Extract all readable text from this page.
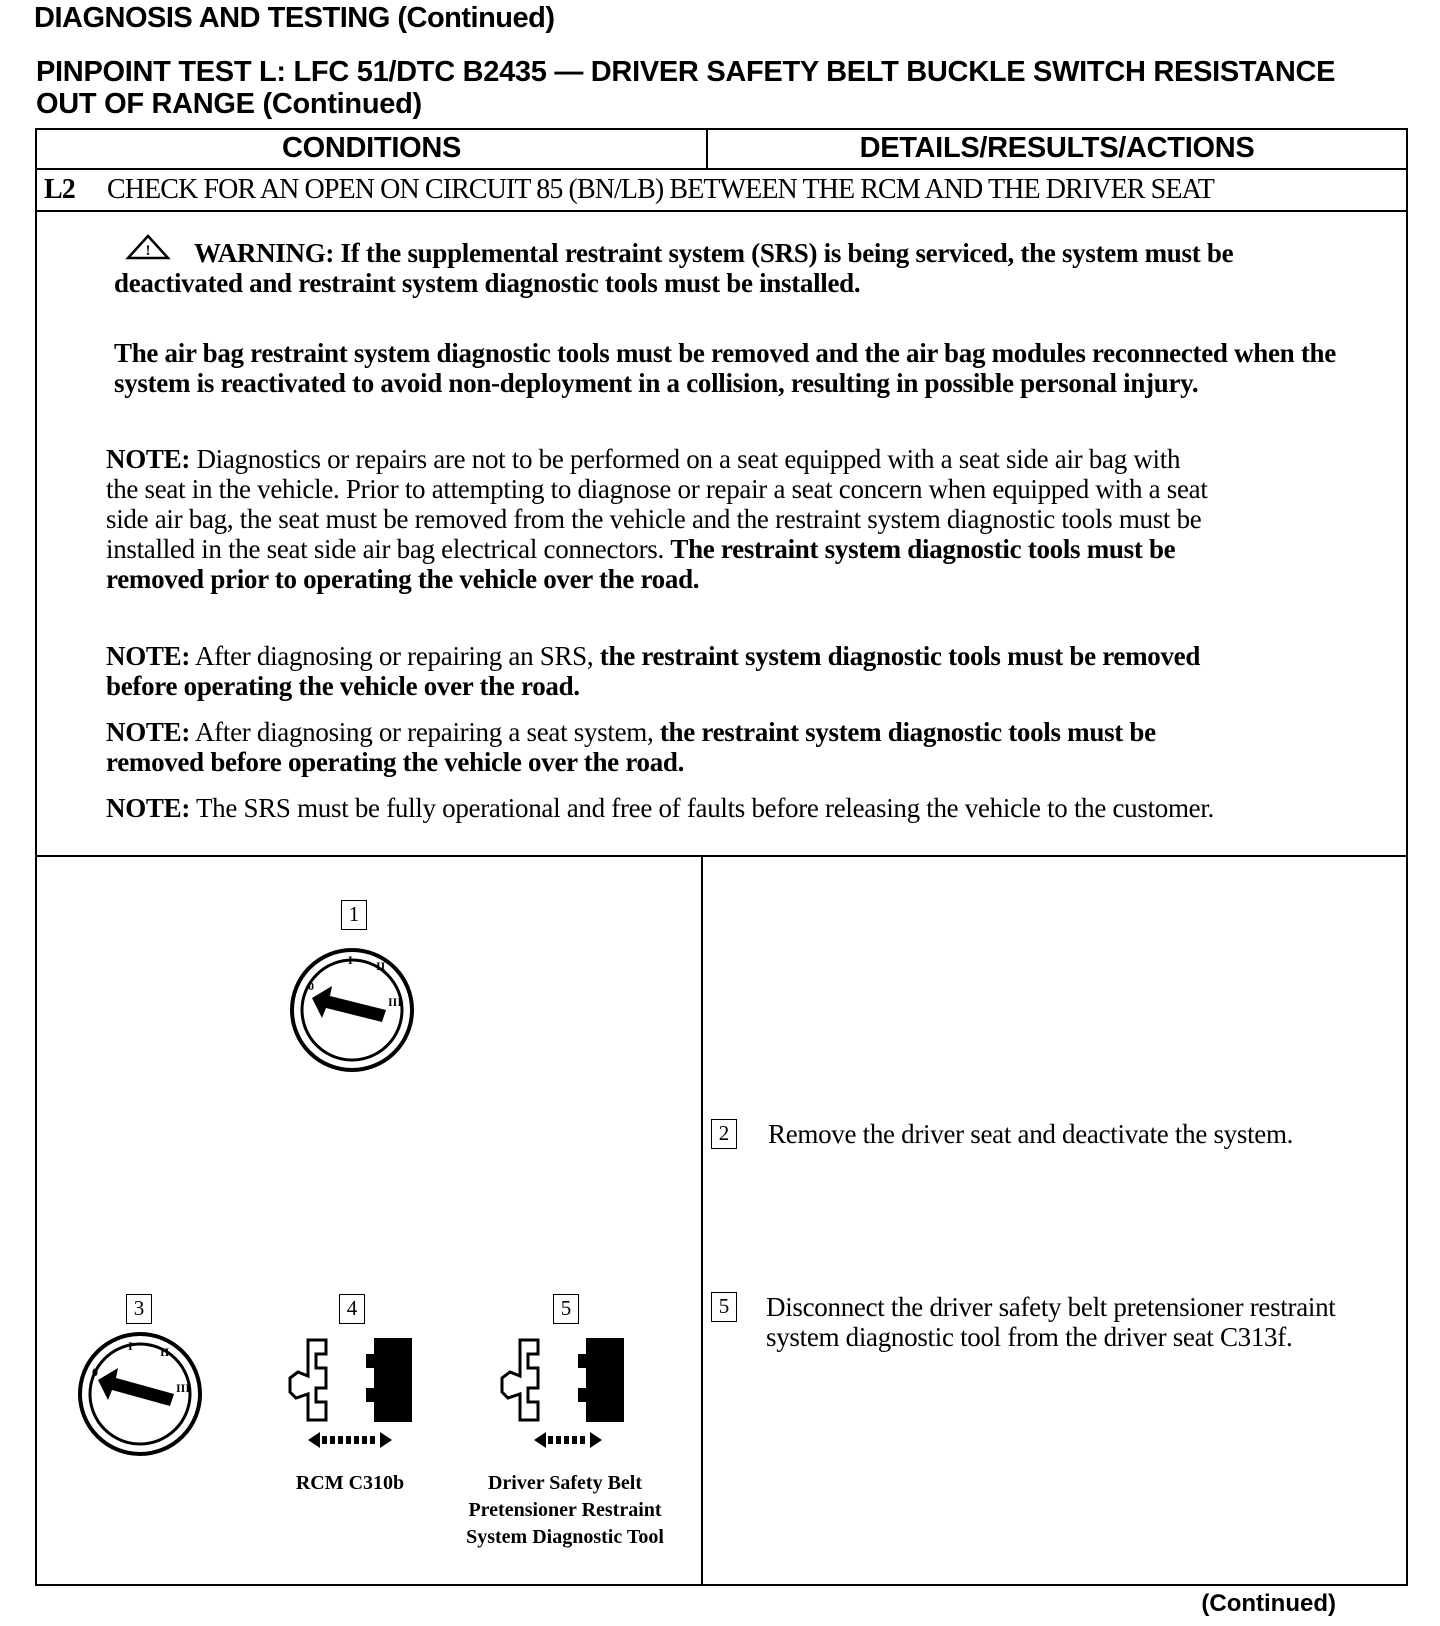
DIAGNOSIS AND TESTING (Continued)
PINPOINT TEST L: LFC 51/DTC B2435 — DRIVER SAFETY BELT BUCKLE SWITCH RESISTANCE OUT OF RANGE (Continued)
CONDITIONS	DETAILS/RESULTS/ACTIONS
L2 CHECK FOR AN OPEN ON CIRCUIT 85 (BN/LB) BETWEEN THE RCM AND THE DRIVER SEAT
!	WARNING: If the supplemental restraint system (SRS) is being serviced, the system must be deactivated and restraint system diagnostic tools must be installed.
The air bag restraint system diagnostic tools must be removed and the air bag modules reconnected when the system is reactivated to avoid non-deployment in a collision, resulting in possible personal injury.
NOTE: Diagnostics or repairs are not to be performed on a seat equipped with a seat side air bag with the seat in the vehicle. Prior to attempting to diagnose or repair a seat concern when equipped with a seat side air bag, the seat must be removed from the vehicle and the restraint system diagnostic tools must be installed in the seat side air bag electrical connectors. The restraint system diagnostic tools must be removed prior to operating the vehicle over the road.
NOTE: After diagnosing or repairing an SRS, the restraint system diagnostic tools must be removed before operating the vehicle over the road.
NOTE: After diagnosing or repairing a seat system, the restraint system diagnostic tools must be removed before operating the vehicle over the road.
NOTE: The SRS must be fully operational and free of faults before releasing the vehicle to the customer.
1
0
I II
III
3
0
I II
III
4
RCM C310b
5
Driver Safety Belt Pretensioner Restraint System Diagnostic Tool
2 Remove the driver seat and deactivate the system.
5 Disconnect the driver safety belt pretensioner restraint system diagnostic tool from the driver seat C313f.
(Continued)
